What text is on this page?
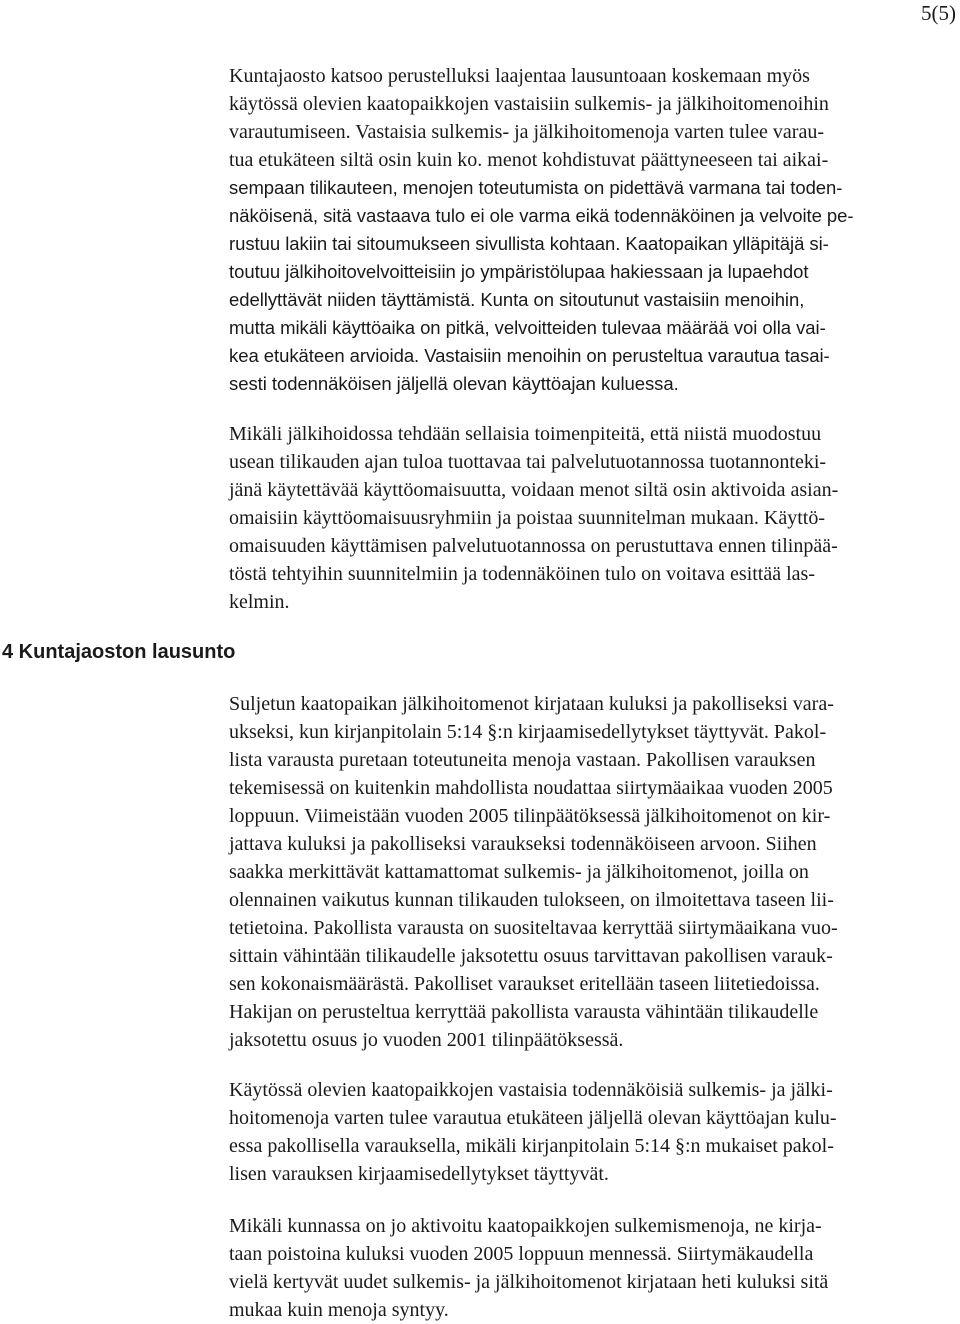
5(5)
4 Kuntajaoston lausunto
Kuntajaosto katsoo perustelluksi laajentaa lausuntoaan koskemaan myös
käytössä olevien kaatopaikkojen vastaisiin sulkemis- ja jälkihoitomenoihin
varautumiseen. Vastaisia sulkemis- ja jälkihoitomenoja varten tulee varau-
tua etukäteen siltä osin kuin ko. menot kohdistuvat päättyneeseen tai aikai-
sempaan tilikauteen, menojen toteutumista on pidettävä varmana tai toden-
näköisenä, sitä vastaava tulo ei ole varma eikä todennäköinen ja velvoite pe-
rustuu lakiin tai sitoumukseen sivullista kohtaan. Kaatopaikan ylläpitäjä si-
toutuu jälkihoitovelvoitteisiin jo ympäristölupaa hakiessaan ja lupaehdot
edellyttävät niiden täyttämistä. Kunta on sitoutunut vastaisiin menoihin,
mutta mikäli käyttöaika on pitkä, velvoitteiden tulevaa määrää voi olla vai-
kea etukäteen arvioida. Vastaisiin menoihin on perusteltua varautua tasai-
sesti todennäköisen jäljellä olevan käyttöajan kuluessa.
Mikäli jälkihoidossa tehdään sellaisia toimenpiteitä, että niistä muodostuu
usean tilikauden ajan tuloa tuottavaa tai palvelutuotannossa tuotannonteki-
jänä käytettävää käyttöomaisuutta, voidaan menot siltä osin aktivoida asian-
omaisiin käyttöomaisuusryhmiin ja poistaa suunnitelman mukaan. Käyttö-
omaisuuden käyttämisen palvelutuotannossa on perustuttava ennen tilinpää-
töstä tehtyihin suunnitelmiin ja todennäköinen tulo on voitava esittää las-
kelmin.
Suljetun kaatopaikan jälkihoitomenot kirjataan kuluksi ja pakolliseksi vara-
ukseksi, kun kirjanpitolain 5:14 §:n kirjaamisedellytykset täyttyvät. Pakol-
lista varausta puretaan toteutuneita menoja vastaan. Pakollisen varauksen
tekemisessä on kuitenkin mahdollista noudattaa siirtymäaikaa vuoden 2005
loppuun. Viimeistään vuoden 2005 tilinpäätöksessä jälkihoitomenot on kir-
jattava kuluksi ja pakolliseksi varaukseksi todennäköiseen arvoon. Siihen
saakka merkittävät kattamattomat sulkemis- ja jälkihoitomenot, joilla on
olennainen vaikutus kunnan tilikauden tulokseen, on ilmoitettava taseen lii-
tetietoina. Pakollista varausta on suositeltavaa kerryttää siirtymäaikana vuo-
sittain vähintään tilikaudelle jaksotettu osuus tarvittavan pakollisen varauk-
sen kokonaismäärästä. Pakolliset varaukset eritellään taseen liitetiedoissa.
Hakijan on perusteltua kerryttää pakollista varausta vähintään tilikaudelle
jaksotettu osuus jo vuoden 2001 tilinpäätöksessä.
Käytössä olevien kaatopaikkojen vastaisia todennäköisiä sulkemis- ja jälki-
hoitomenoja varten tulee varautua etukäteen jäljellä olevan käyttöajan kulu-
essa pakollisella varauksella, mikäli kirjanpitolain 5:14 §:n mukaiset pakol-
lisen varauksen kirjaamisedellytykset täyttyvät.
Mikäli kunnassa on jo aktivoitu kaatopaikkojen sulkemismenoja, ne kirja-
taan poistoina kuluksi vuoden 2005 loppuun mennessä. Siirtymäkaudella
vielä kertyvät uudet sulkemis- ja jälkihoitomenot kirjataan heti kuluksi sitä
mukaa kuin menoja syntyy.
